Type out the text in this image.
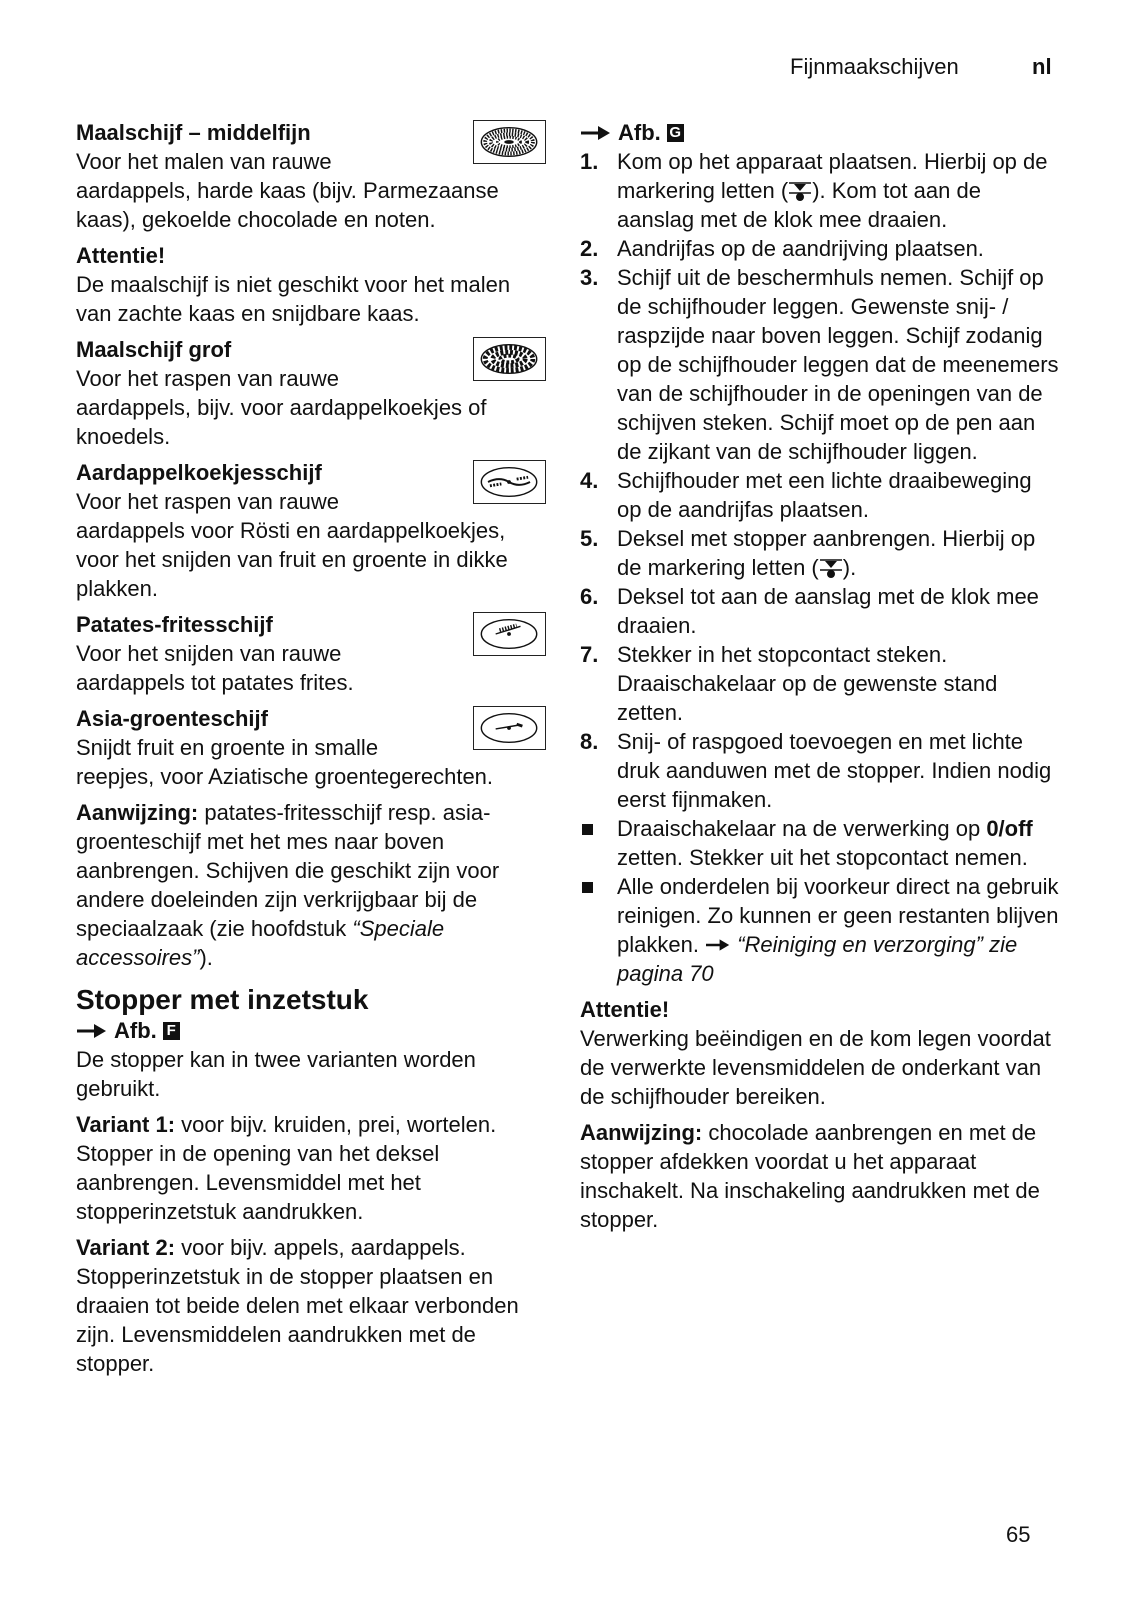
Fijnmaakschijven	nl
Maalschijf – middelfijn
Voor het malen van rauwe
aardappels, harde kaas (bijv. Parmezaanse kaas), gekoelde chocolade en noten.
Attentie!
De maalschijf is niet geschikt voor het malen van zachte kaas en snijdbare kaas.
Maalschijf grof
Voor het raspen van rauwe
aardappels, bijv. voor aardappelkoekjes of knoedels.
Aardappelkoekjesschijf
Voor het raspen van rauwe
aardappels voor Rösti en aardappelkoekjes, voor het snijden van fruit en groente in dikke plakken.
Patates-fritesschijf
Voor het snijden van rauwe
aardappels tot patates frites.
Asia-groenteschijf
Snijdt fruit en groente in smalle
reepjes, voor Aziatische groentegerechten.

Aanwijzing: patates-fritesschijf resp. asia-groenteschijf met het mes naar boven aanbrengen. Schijven die geschikt zijn voor andere doeleinden zijn verkrijgbaar bij de speciaalzaak (zie hoofdstuk “Speciale accessoires”).

Stopper met inzetstuk
Afb. F

De stopper kan in twee varianten worden gebruikt.

Variant 1: voor bijv. kruiden, prei, wortelen. Stopper in de opening van het deksel aanbrengen. Levensmiddel met het stopperinzetstuk aandrukken.

Variant 2: voor bijv. appels, aardappels. Stopperinzetstuk in de stopper plaatsen en draaien tot beide delen met elkaar verbonden zijn. Levensmiddelen aandrukken met de stopper.

Afb. G
1. Kom op het apparaat plaatsen. Hierbij op de markering letten ( ). Kom tot aan de aanslag met de klok mee draaien.
2. Aandrijfas op de aandrijving plaatsen.
3. Schijf uit de beschermhuls nemen. Schijf op de schijfhouder leggen. Gewenste snij- / raspzijde naar boven leggen. Schijf zodanig op de schijfhouder leggen dat de meenemers van de schijfhouder in de openingen van de schijven steken. Schijf moet op de pen aan de zijkant van de schijfhouder liggen.
4. Schijfhouder met een lichte draaibeweging op de aandrijfas plaatsen.
5. Deksel met stopper aanbrengen. Hierbij op de markering letten ( ).
6. Deksel tot aan de aanslag met de klok mee draaien.
7. Stekker in het stopcontact steken. Draaischakelaar op de gewenste stand zetten.
8. Snij- of raspgoed toevoegen en met lichte druk aanduwen met de stopper. Indien nodig eerst fijnmaken.
Draaischakelaar na de verwerking op 0/off zetten. Stekker uit het stopcontact nemen.
Alle onderdelen bij voorkeur direct na gebruik reinigen. Zo kunnen er geen restanten blijven plakken.  “Reiniging en verzorging” zie pagina 70
Attentie!
Verwerking beëindigen en de kom legen voordat de verwerkte levensmiddelen de onderkant van de schijfhouder bereiken.

Aanwijzing: chocolade aanbrengen en met de stopper afdekken voordat u het apparaat inschakelt. Na inschakeling aandrukken met de stopper.

65
